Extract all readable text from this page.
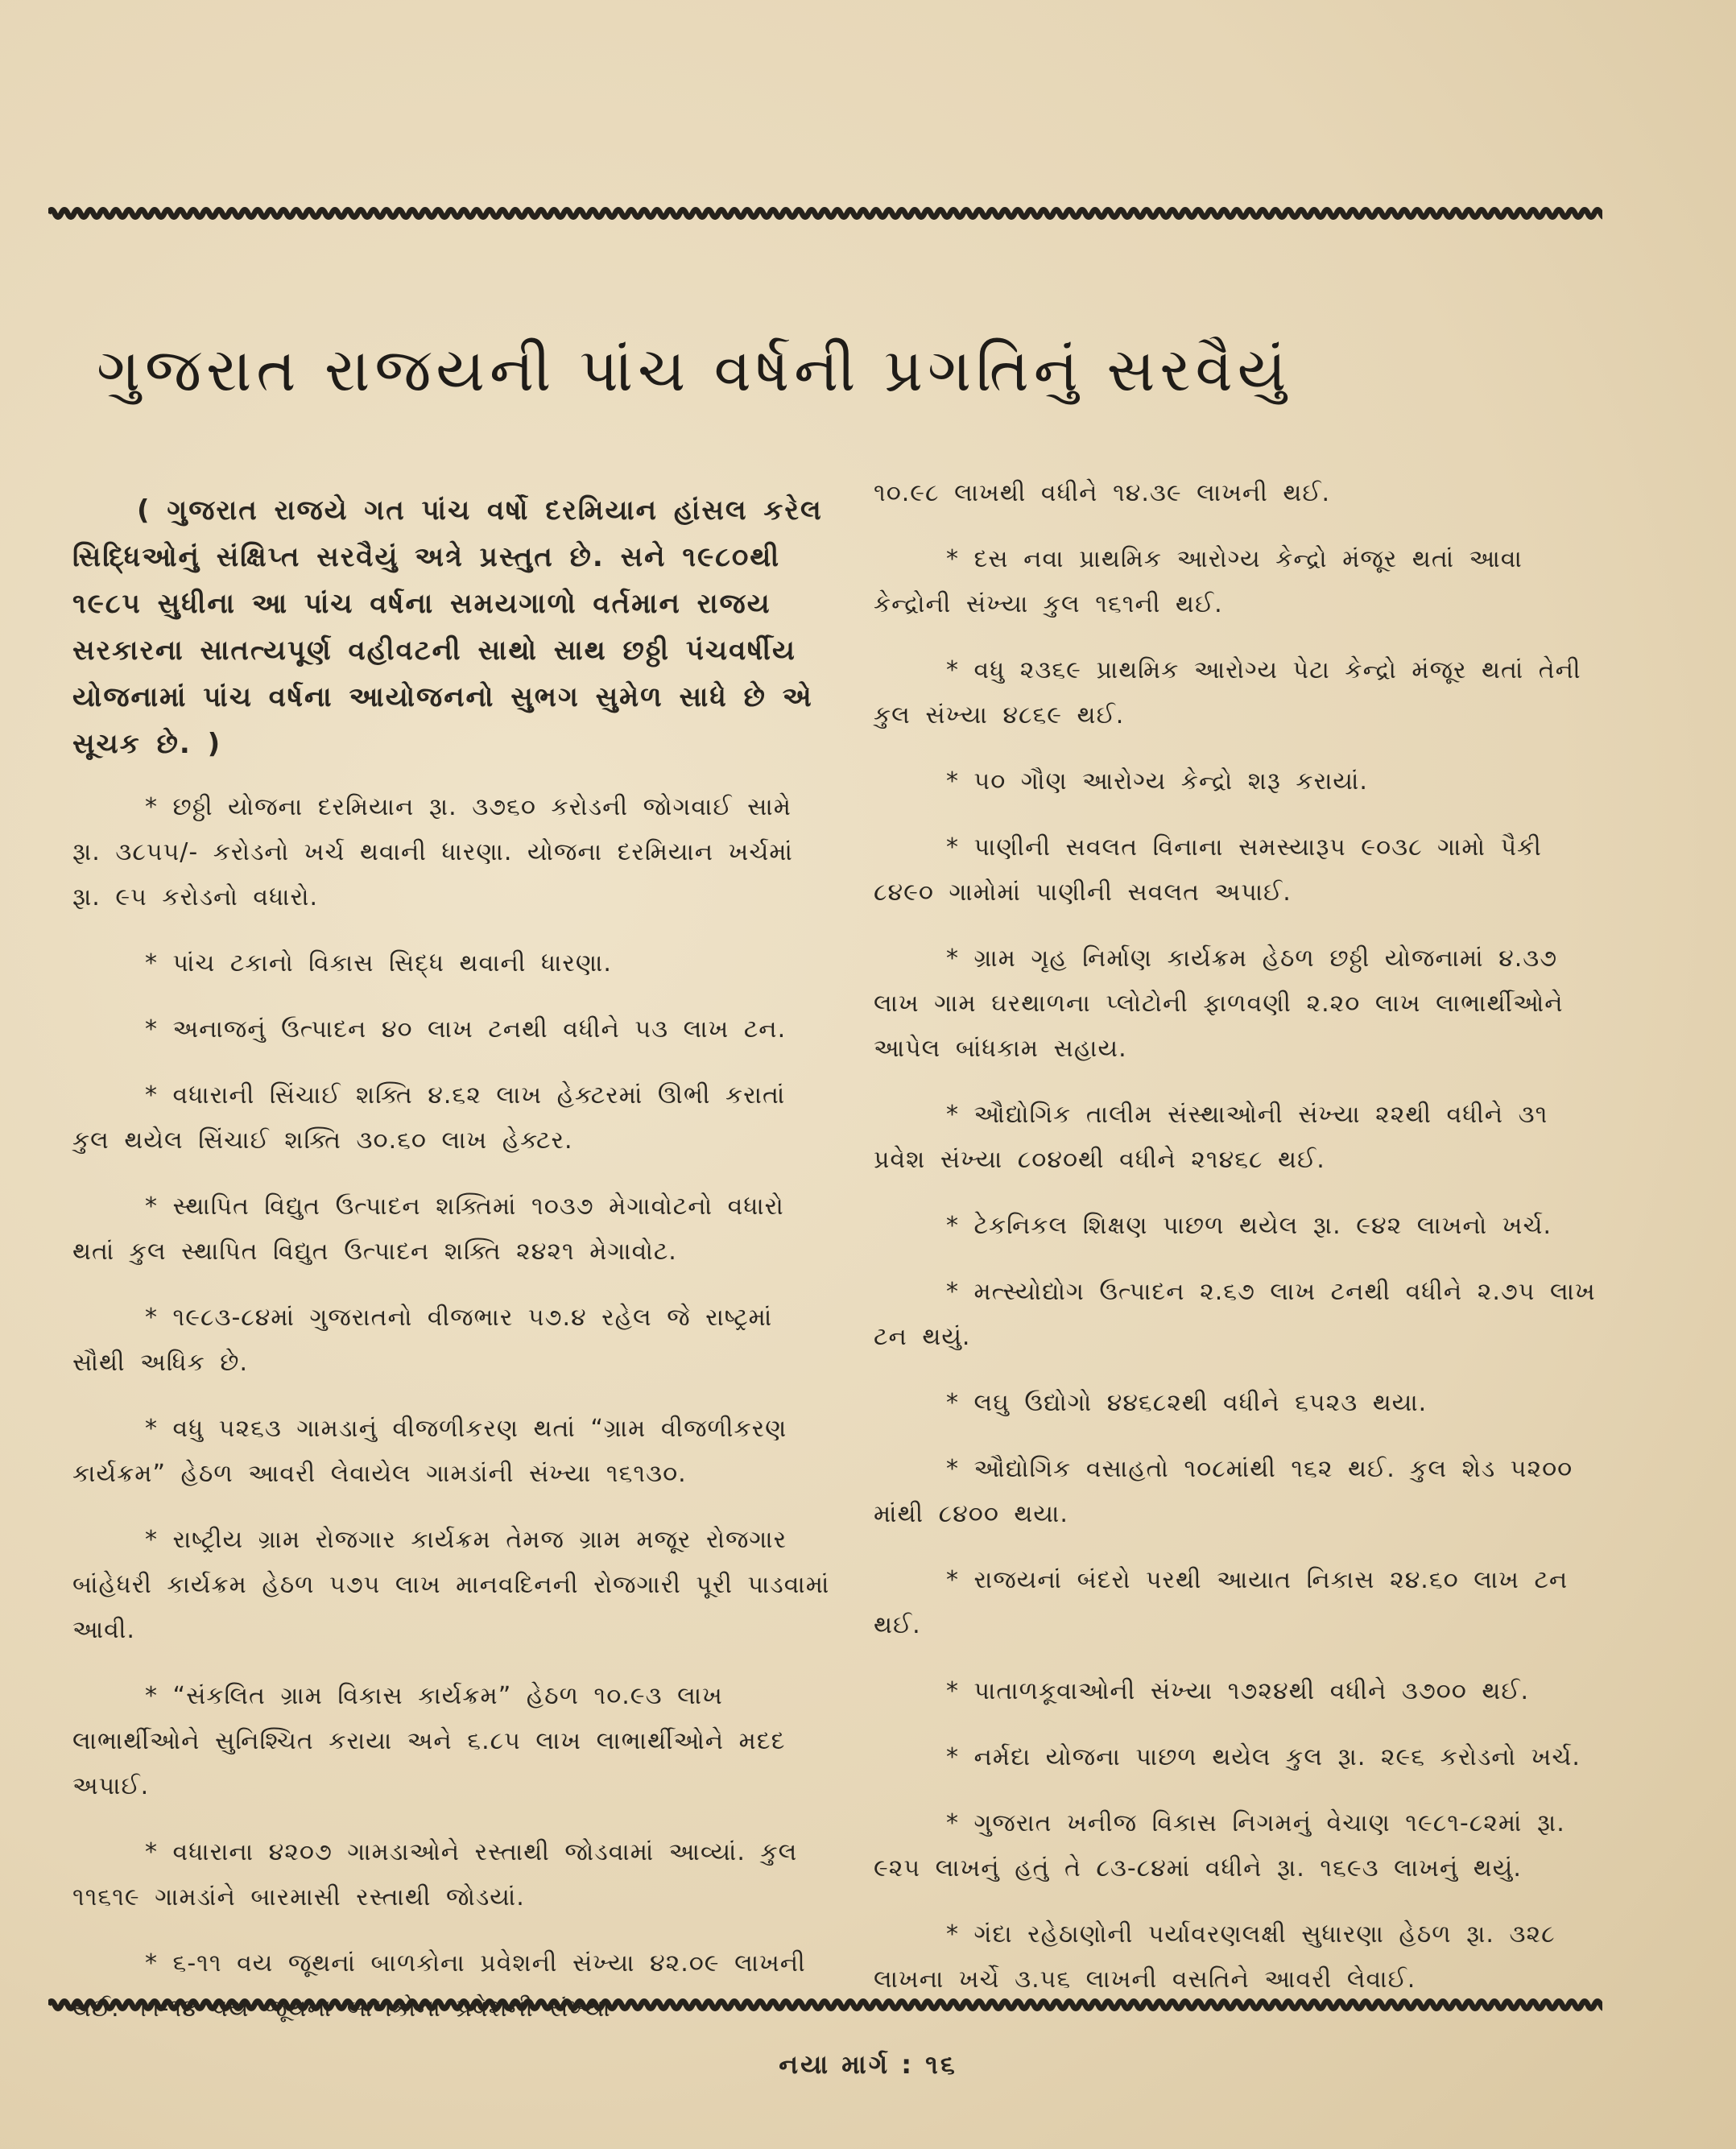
ગુજરાત રાજયની પાંચ વર્ષની પ્રગતિનું સરવૈયું

( ગુજરાત રાજયે ગત પાંચ વર્ષો દરમિયાન હાંસલ કરેલ સિદ્ધિઓનું સંક્ષિપ્ત સરવૈયું અત્રે પ્રસ્તુત છે. સને ૧૯૮૦થી ૧૯૮૫ સુધીના આ પાંચ વર્ષના સમયગાળો વર્તમાન રાજય સરકારના સાતત્યપૂર્ણ વહીવટની સાથો સાથ છઠ્ઠી પંચવર્ષીય યોજનામાં પાંચ વર્ષના આયોજનનો સુભગ સુમેળ સાધે છે એ સૂચક છે. )

* છઠ્ઠી યોજના દરમિયાન રૂા. ૩૭૬૦ કરોડની જોગવાઈ સામે રૂા. ૩૮૫૫/- કરોડનો ખર્ચ થવાની ધારણા. યોજના દરમિયાન ખર્ચમાં રૂા. ૯૫ કરોડનો વધારો.

* પાંચ ટકાનો વિકાસ સિદ્ધ થવાની ધારણા.

* અનાજનું ઉત્પાદન ૪૦ લાખ ટનથી વધીને ૫૩ લાખ ટન.

* વધારાની સિંચાઈ શક્તિ ૪.૬૨ લાખ હેક્ટરમાં ઊભી કરાતાં કુલ થયેલ સિંચાઈ શક્તિ ૩૦.૬૦ લાખ હેક્ટર.

* સ્થાપિત વિદ્યુત ઉત્પાદન શક્તિમાં ૧૦૩૭ મેગાવોટનો વધારો થતાં કુલ સ્થાપિત વિદ્યુત ઉત્પાદન શક્તિ ૨૪૨૧ મેગાવોટ.

* ૧૯૮૩-૮૪માં ગુજરાતનો વીજભાર ૫૭.૪ રહેલ જે રાષ્ટ્રમાં સૌથી અધિક છે.

* વધુ ૫૨૬૩ ગામડાનું વીજળીકરણ થતાં “ગ્રામ વીજળીકરણ કાર્યક્રમ” હેઠળ આવરી લેવાયેલ ગામડાંની સંખ્યા ૧૬૧૩૦.

* રાષ્ટ્રીય ગ્રામ રોજગાર કાર્યક્રમ તેમજ ગ્રામ મજૂર રોજગાર બાંહેધરી કાર્યક્રમ હેઠળ ૫૭૫ લાખ માનવદિનની રોજગારી પૂરી પાડવામાં આવી.

* “સંકલિત ગ્રામ વિકાસ કાર્યક્રમ” હેઠળ ૧૦.૯૩ લાખ લાભાર્થીઓને સુનિશ્ચિત કરાયા અને ૬.૮૫ લાખ લાભાર્થીઓને મદદ અપાઈ.

* વધારાના ૪૨૦૭ ગામડાઓને રસ્તાથી જોડવામાં આવ્યાં. કુલ ૧૧૬૧૯ ગામડાંને બારમાસી રસ્તાથી જોડયાં.

* ૬-૧૧ વય જૂથનાં બાળકોના પ્રવેશની સંખ્યા ૪૨.૦૯ લાખની થઈ. ૧૧-૧૪ વય જૂથના બાળકોના પ્રવેશની સંખ્યા

૧૦.૯૮ લાખથી વધીને ૧૪.૩૯ લાખની થઈ.

* દસ નવા પ્રાથમિક આરોગ્ય કેન્દ્રો મંજૂર થતાં આવા કેન્દ્રોની સંખ્યા કુલ ૧૬૧ની થઈ.

* વધુ ૨૩૬૯ પ્રાથમિક આરોગ્ય પેટા કેન્દ્રો મંજૂર થતાં તેની કુલ સંખ્યા ૪૮૬૯ થઈ.

* ૫૦ ગૌણ આરોગ્ય કેન્દ્રો શરૂ કરાયાં.

* પાણીની સવલત વિનાના સમસ્યારૂપ ૯૦૩૮ ગામો પૈકી ૮૪૯૦ ગામોમાં પાણીની સવલત અપાઈ.

* ગ્રામ ગૃહ નિર્માણ કાર્યક્રમ હેઠળ છઠ્ઠી યોજનામાં ૪.૩૭ લાખ ગામ ઘરથાળના પ્લોટોની ફાળવણી ૨.૨૦ લાખ લાભાર્થીઓને આપેલ બાંધકામ સહાય.

* ઔદ્યોગિક તાલીમ સંસ્થાઓની સંખ્યા ૨૨થી વધીને ૩૧ પ્રવેશ સંખ્યા ૮૦૪૦થી વધીને ૨૧૪૬૮ થઈ.

* ટેકનિકલ શિક્ષણ પાછળ થયેલ રૂા. ૯૪૨ લાખનો ખર્ચ.

* મત્સ્યોદ્યોગ ઉત્પાદન ૨.૬૭ લાખ ટનથી વધીને ૨.૭૫ લાખ ટન થયું.

* લઘુ ઉદ્યોગો ૪૪૬૮૨થી વધીને ૬૫૨૩ થયા.

* ઔદ્યોગિક વસાહતો ૧૦૮માંથી ૧૬૨ થઈ. કુલ શેડ ૫૨૦૦ માંથી ૮૪૦૦ થયા.

* રાજયનાં બંદરો પરથી આયાત નિકાસ ૨૪.૬૦ લાખ ટન થઈ.

* પાતાળકૂવાઓની સંખ્યા ૧૭૨૪થી વધીને ૩૭૦૦ થઈ.

* નર્મદા યોજના પાછળ થયેલ કુલ રૂા. ૨૯૬ કરોડનો ખર્ચ.

* ગુજરાત ખનીજ વિકાસ નિગમનું વેચાણ ૧૯૮૧-૮૨માં રૂા. ૯૨૫ લાખનું હતું તે ૮૩-૮૪માં વધીને રૂા. ૧૬૯૩ લાખનું થયું.

* ગંદા રહેઠાણોની પર્યાવરણલક્ષી સુધારણા હેઠળ રૂા. ૩૨૮ લાખના ખર્ચે ૩.૫૬ લાખની વસતિને આવરી લેવાઈ.

નયા માર્ગ : ૧૬
